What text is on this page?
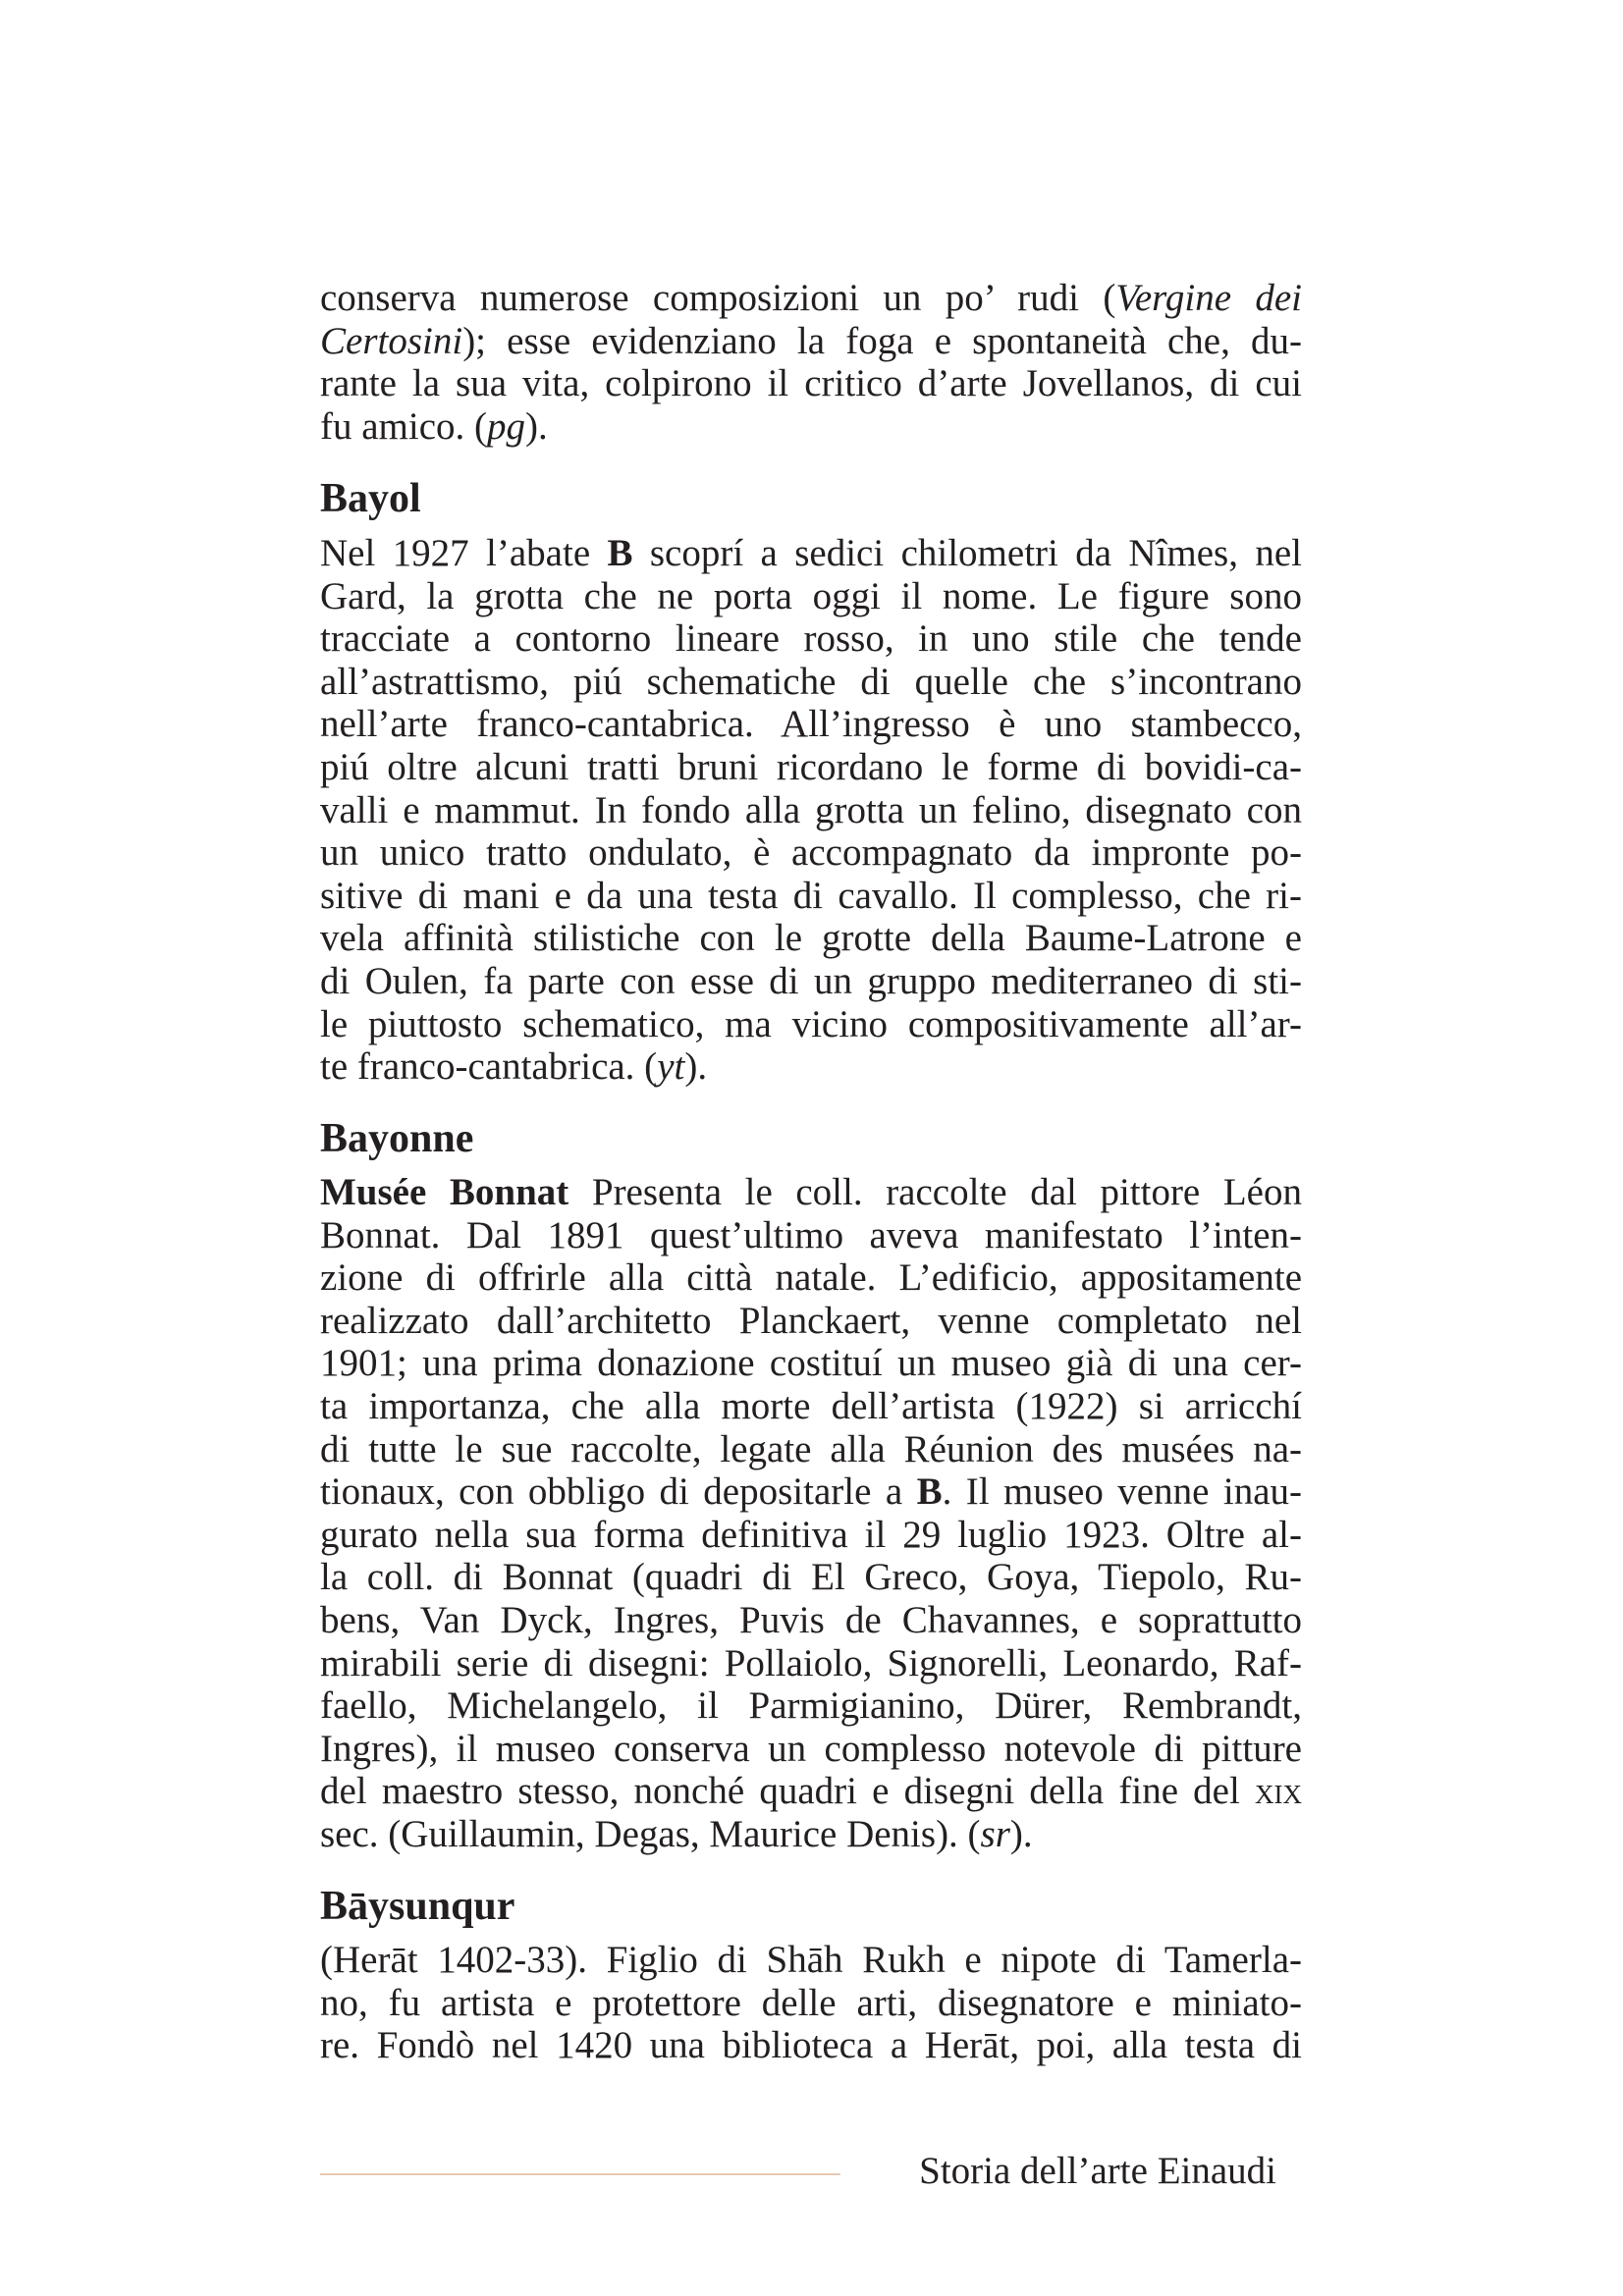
conserva numerose composizioni un po’ rudi (Vergine dei
Certosini); esse evidenziano la foga e spontaneità che, du-
rante la sua vita, colpirono il critico d’arte Jovellanos, di cui
fu amico. (pg).
Bayol
Nel 1927 l’abate B scoprí a sedici chilometri da Nîmes, nel
Gard, la grotta che ne porta oggi il nome. Le figure sono
tracciate a contorno lineare rosso, in uno stile che tende
all’astrattismo, piú schematiche di quelle che s’incontrano
nell’arte franco-cantabrica. All’ingresso è uno stambecco,
piú oltre alcuni tratti bruni ricordano le forme di bovidi-ca-
valli e mammut. In fondo alla grotta un felino, disegnato con
un unico tratto ondulato, è accompagnato da impronte po-
sitive di mani e da una testa di cavallo. Il complesso, che ri-
vela affinità stilistiche con le grotte della Baume-Latrone e
di Oulen, fa parte con esse di un gruppo mediterraneo di sti-
le piuttosto schematico, ma vicino compositivamente all’ar-
te franco-cantabrica. (yt).
Bayonne
Musée Bonnat Presenta le coll. raccolte dal pittore Léon
Bonnat. Dal 1891 quest’ultimo aveva manifestato l’inten-
zione di offrirle alla città natale. L’edificio, appositamente
realizzato dall’architetto Planckaert, venne completato nel
1901; una prima donazione costituí un museo già di una cer-
ta importanza, che alla morte dell’artista (1922) si arricchí
di tutte le sue raccolte, legate alla Réunion des musées na-
tionaux, con obbligo di depositarle a B. Il museo venne inau-
gurato nella sua forma definitiva il 29 luglio 1923. Oltre al-
la coll. di Bonnat (quadri di El Greco, Goya, Tiepolo, Ru-
bens, Van Dyck, Ingres, Puvis de Chavannes, e soprattutto
mirabili serie di disegni: Pollaiolo, Signorelli, Leonardo, Raf-
faello, Michelangelo, il Parmigianino, Dürer, Rembrandt,
Ingres), il museo conserva un complesso notevole di pitture
del maestro stesso, nonché quadri e disegni della fine del xix
sec. (Guillaumin, Degas, Maurice Denis). (sr).
Bāysunqur
(Herāt 1402-33). Figlio di Shāh Rukh e nipote di Tamerla-
no, fu artista e protettore delle arti, disegnatore e miniato-
re. Fondò nel 1420 una biblioteca a Herāt, poi, alla testa di
Storia dell’arte Einaudi
